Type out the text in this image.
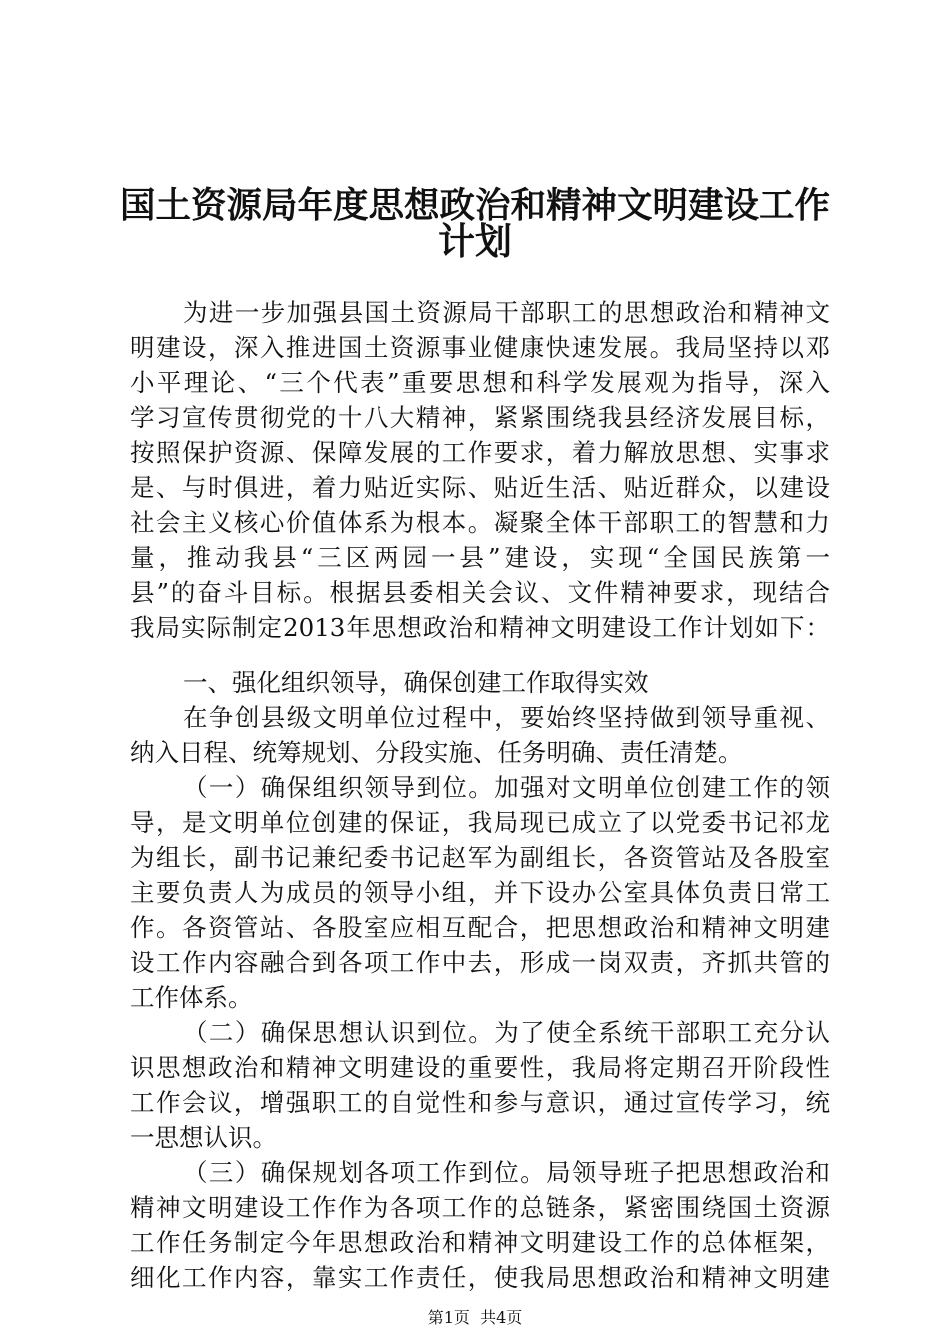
国土资源局年度思想政治和精神文明建设工作
计划
为进一步加强县国土资源局干部职工的思想政治和精神文
明建设，深入推进国土资源事业健康快速发展。我局坚持以邓
小平理论、“三个代表”重要思想和科学发展观为指导，深入
学习宣传贯彻党的十八大精神，紧紧围绕我县经济发展目标，
按照保护资源、保障发展的工作要求，着力解放思想、实事求
是、与时俱进，着力贴近实际、贴近生活、贴近群众，以建设
社会主义核心价值体系为根本。凝聚全体干部职工的智慧和力
量，推动我县“三区两园一县”建设，实现“全国民族第一
县”的奋斗目标。根据县委相关会议、文件精神要求，现结合
我局实际制定2013年思想政治和精神文明建设工作计划如下：
一、强化组织领导，确保创建工作取得实效
在争创县级文明单位过程中，要始终坚持做到领导重视、
纳入日程、统筹规划、分段实施、任务明确、责任清楚。
（一）确保组织领导到位。加强对文明单位创建工作的领
导，是文明单位创建的保证，我局现已成立了以党委书记祁龙
为组长，副书记兼纪委书记赵军为副组长，各资管站及各股室
主要负责人为成员的领导小组，并下设办公室具体负责日常工
作。各资管站、各股室应相互配合，把思想政治和精神文明建
设工作内容融合到各项工作中去，形成一岗双责，齐抓共管的
工作体系。
（二）确保思想认识到位。为了使全系统干部职工充分认
识思想政治和精神文明建设的重要性，我局将定期召开阶段性
工作会议，增强职工的自觉性和参与意识，通过宣传学习，统
一思想认识。
（三）确保规划各项工作到位。局领导班子把思想政治和
精神文明建设工作作为各项工作的总链条，紧密围绕国土资源
工作任务制定今年思想政治和精神文明建设工作的总体框架，
细化工作内容，靠实工作责任，使我局思想政治和精神文明建
第1页  共4页
